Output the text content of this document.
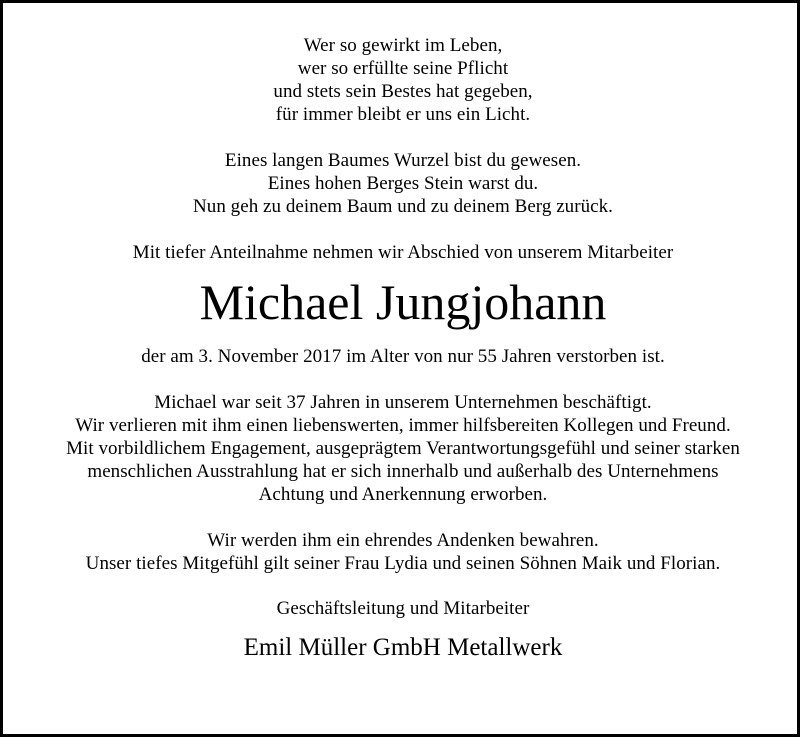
Wer so gewirkt im Leben,
wer so erfüllte seine Pflicht
und stets sein Bestes hat gegeben,
für immer bleibt er uns ein Licht.
Eines langen Baumes Wurzel bist du gewesen.
Eines hohen Berges Stein warst du.
Nun geh zu deinem Baum und zu deinem Berg zurück.
Mit tiefer Anteilnahme nehmen wir Abschied von unserem Mitarbeiter
Michael Jungjohann
der am 3. November 2017 im Alter von nur 55 Jahren verstorben ist.
Michael war seit 37 Jahren in unserem Unternehmen beschäftigt.
Wir verlieren mit ihm einen liebenswerten, immer hilfsbereiten Kollegen und Freund.
Mit vorbildlichem Engagement, ausgeprägtem Verantwortungsgefühl und seiner starken
menschlichen Ausstrahlung hat er sich innerhalb und außerhalb des Unternehmens
Achtung und Anerkennung erworben.
Wir werden ihm ein ehrendes Andenken bewahren.
Unser tiefes Mitgefühl gilt seiner Frau Lydia und seinen Söhnen Maik und Florian.
Geschäftsleitung und Mitarbeiter
Emil Müller GmbH Metallwerk
